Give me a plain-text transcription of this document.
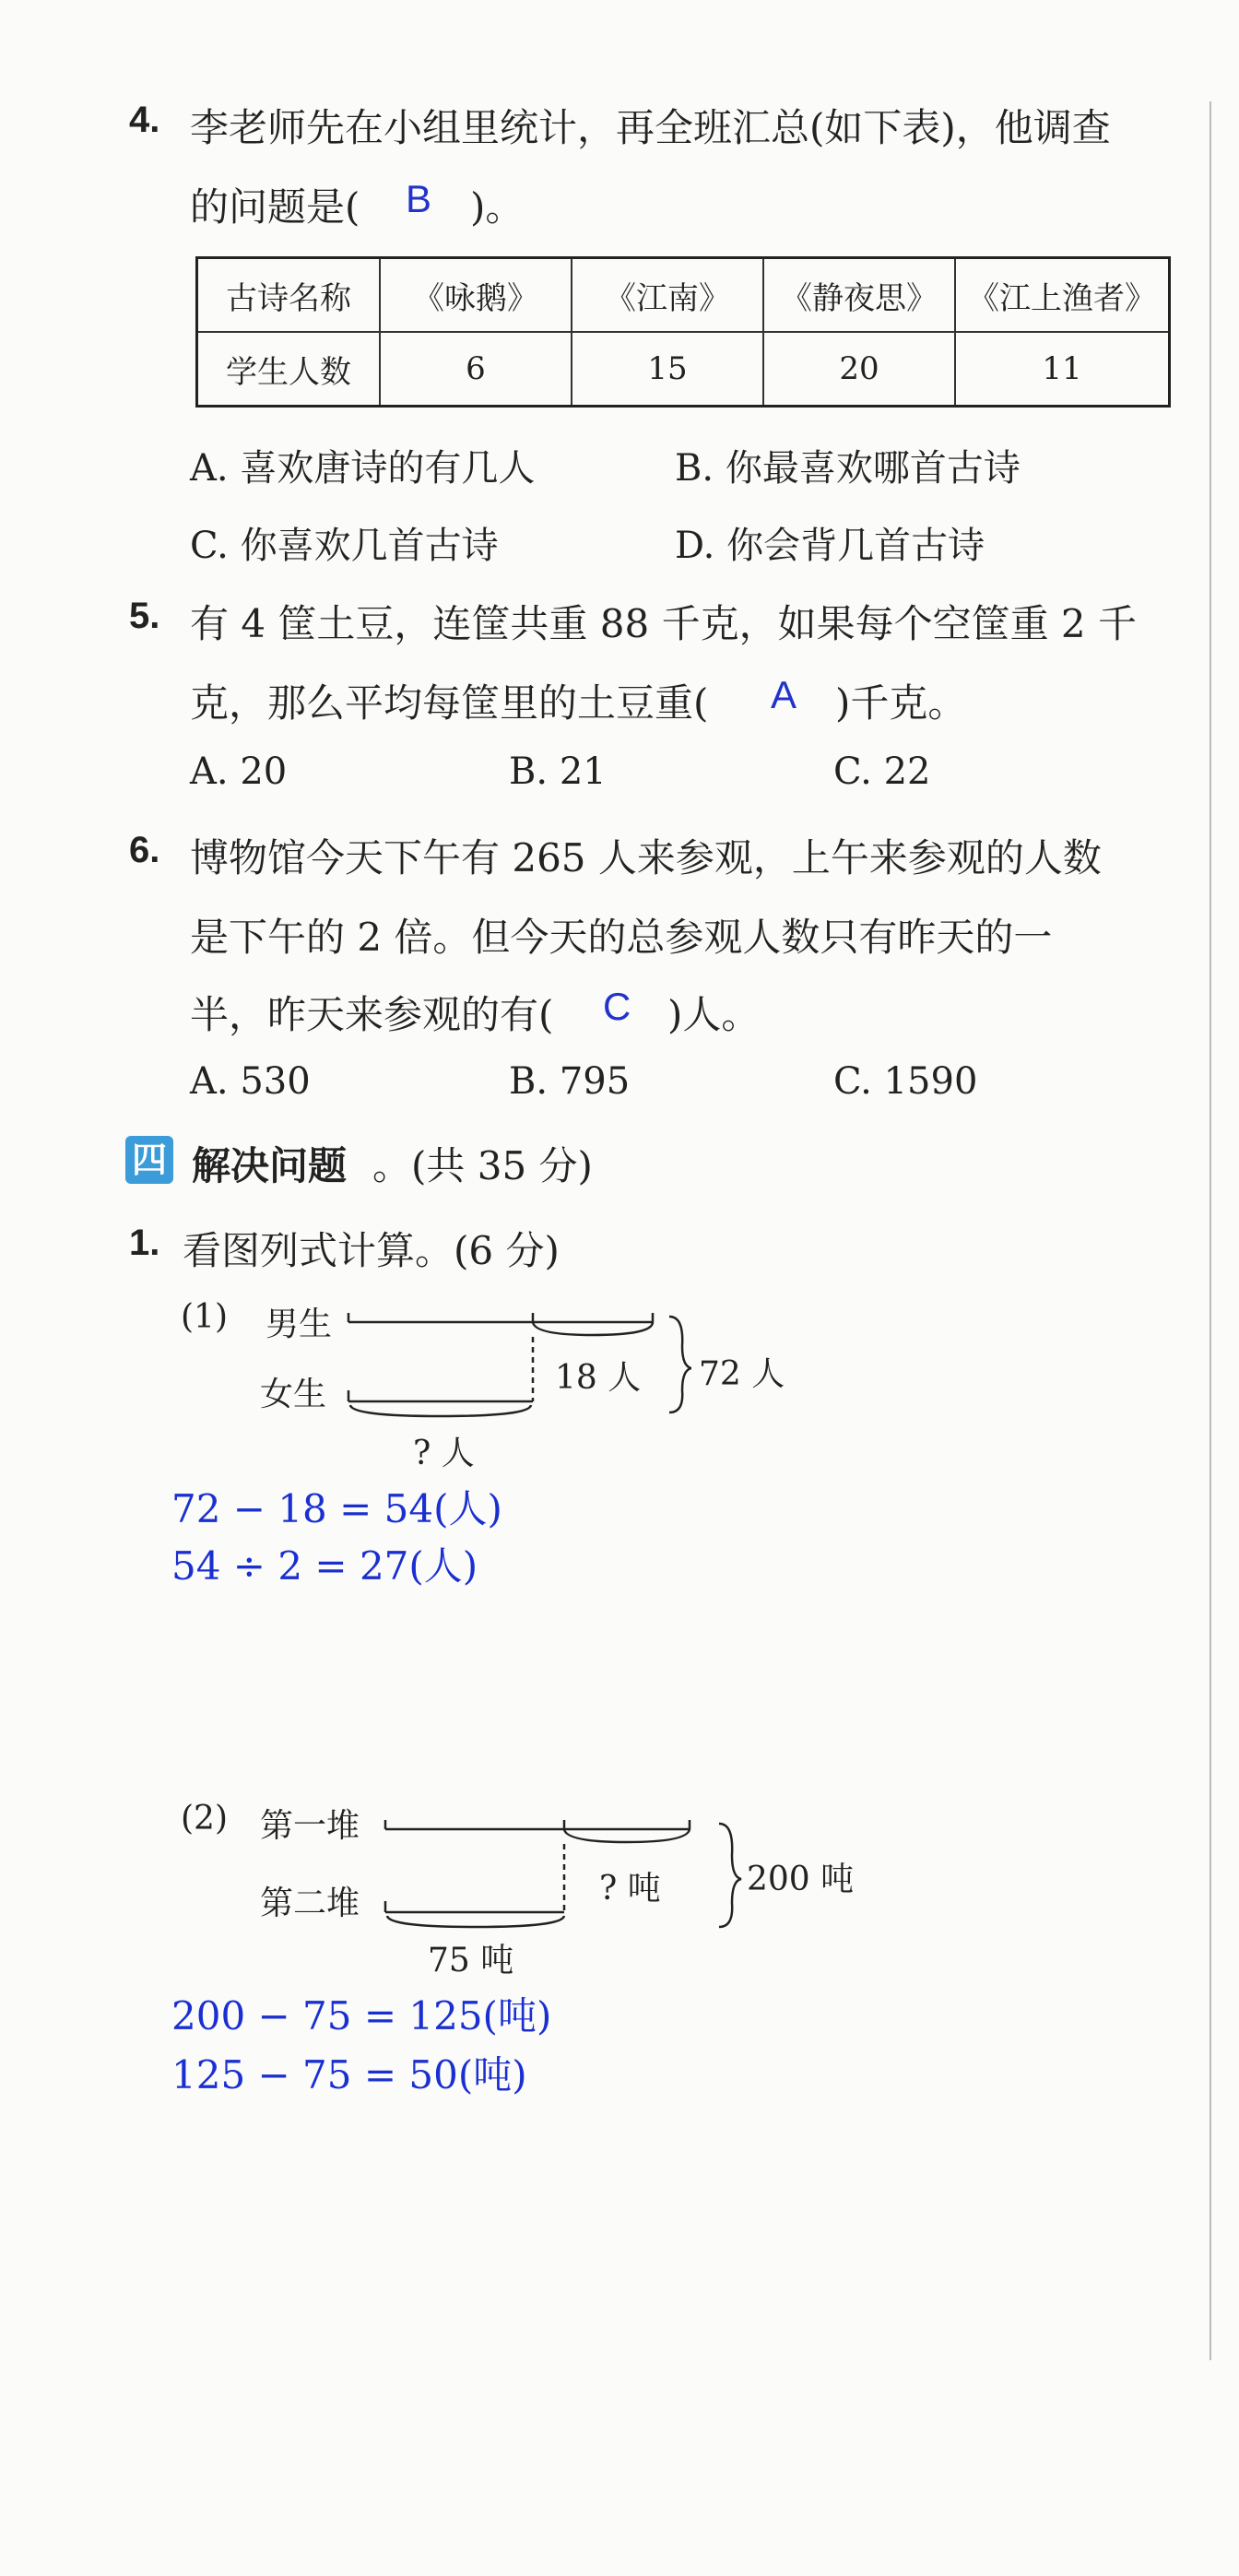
4. 李老师先在小组里统计，再全班汇总(如下表)，他调查
的问题是( B )。
古诗名称	《咏鹅》	《江南》	《静夜思》	《江上渔者》
学生人数	6	15	20	11
A. 喜欢唐诗的有几人	B. 你最喜欢哪首古诗
C. 你喜欢几首古诗	D. 你会背几首古诗
5. 有 4 筐土豆，连筐共重 88 千克，如果每个空筐重 2 千
克，那么平均每筐里的土豆重( A )千克。
A. 20	B. 21	C. 22
6. 博物馆今天下午有 265 人来参观，上午来参观的人数
是下午的 2 倍。但今天的总参观人数只有昨天的一
半，昨天来参观的有( C )人。
A. 530	B. 795	C. 1590
四 解决问题 。(共 35 分)
1. 看图列式计算。(6 分)
(1) 男生
女生	18 人 72 人
? 人
72 − 18 = 54(人)
54 ÷ 2 = 27(人)
(2) 第一堆
第二堆	? 吨	200 吨
75 吨
200 − 75 = 125(吨)
125 − 75 = 50(吨)
